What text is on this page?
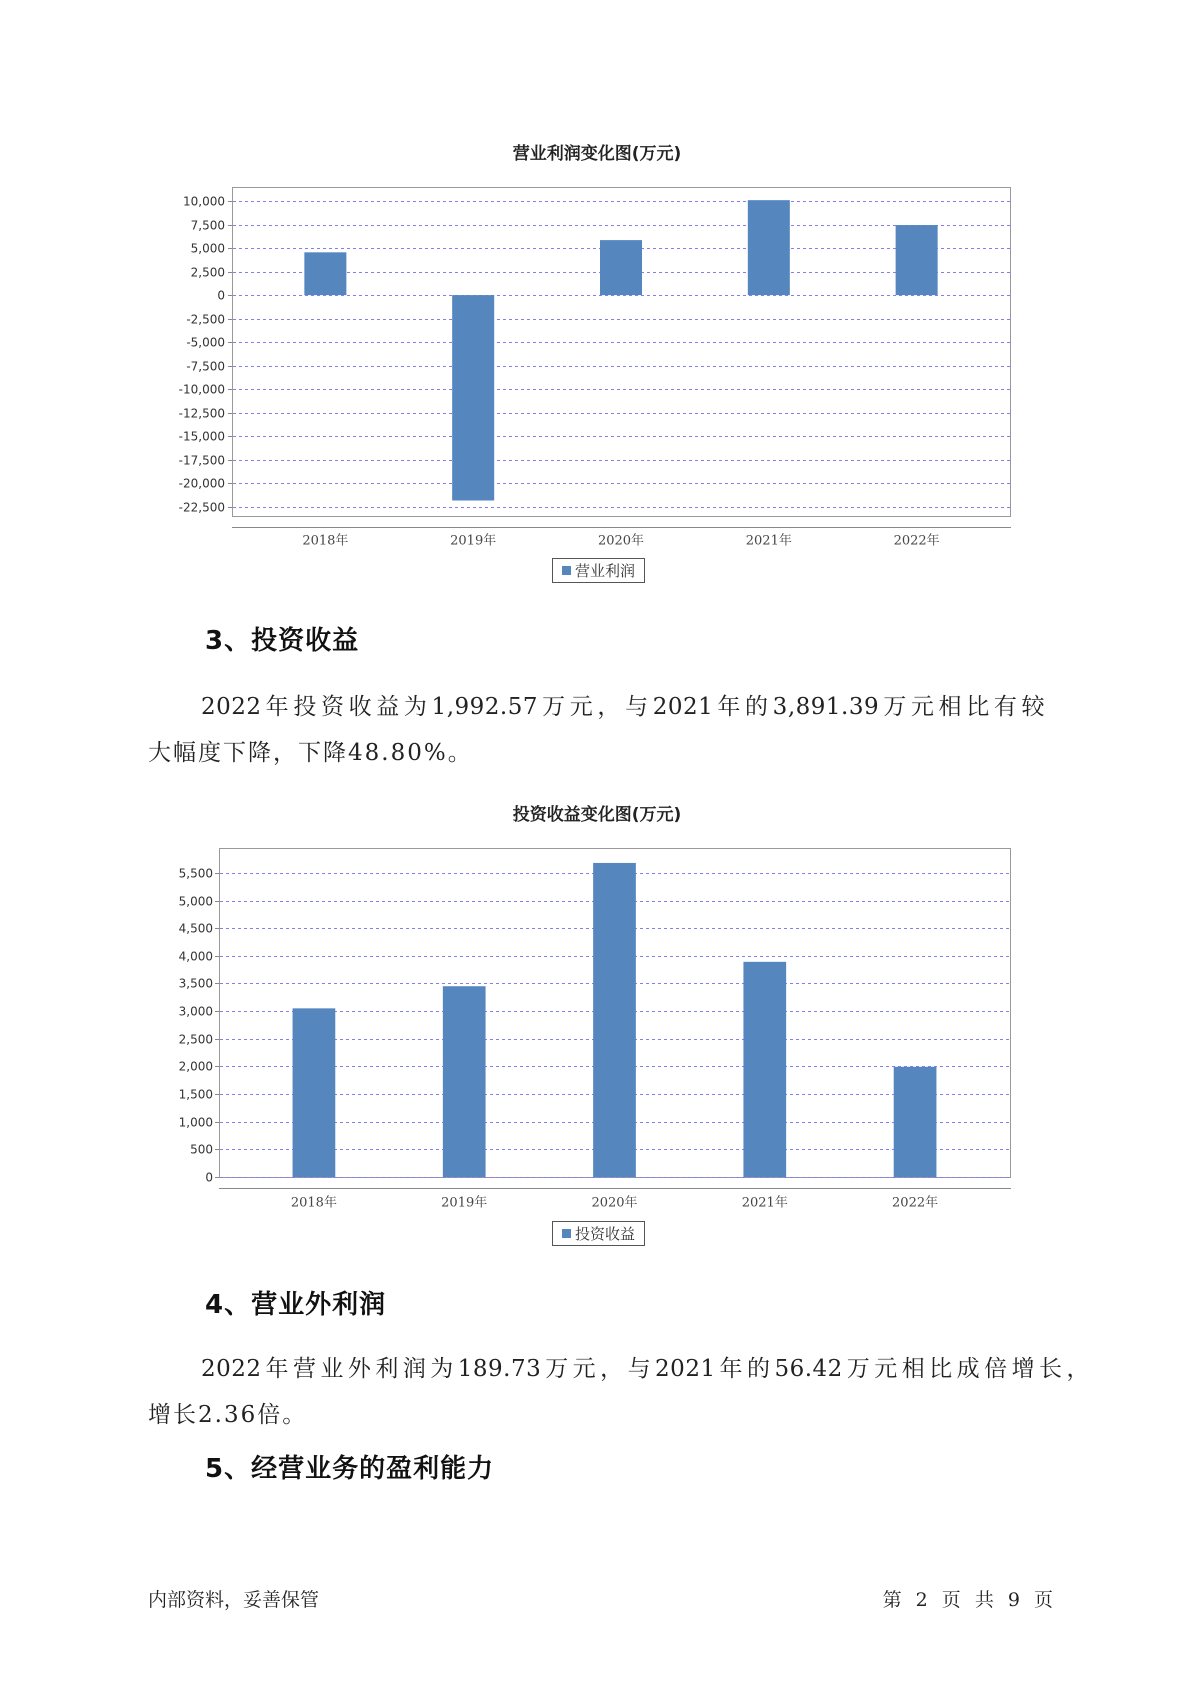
10,000
7,500
5,000
2,500
0
-2,500
-5,000
-7,500
-10,000
-12,500
-15,000
-17,500
-20,000
-22,500
2018年	2019年	2020年	2021年	2022年
营业利润变化图(万元)
营业利润
3、投资收益
2022年投资收益为1,992.57万元，与2021年的3,891.39万元相比有较
大幅度下降，下降48.80%。
5,500
5,000
4,500
4,000
3,500
3,000
2,500
2,000
1,500
1,000
500
0
2018年	2019年	2020年	2021年	2022年
投资收益变化图(万元)
投资收益
4、营业外利润
2022年营业外利润为189.73万元，与2021年的56.42万元相比成倍增长，
增长2.36倍。
5、经营业务的盈利能力
内部资料，妥善保管	第 2 页 共 9 页
